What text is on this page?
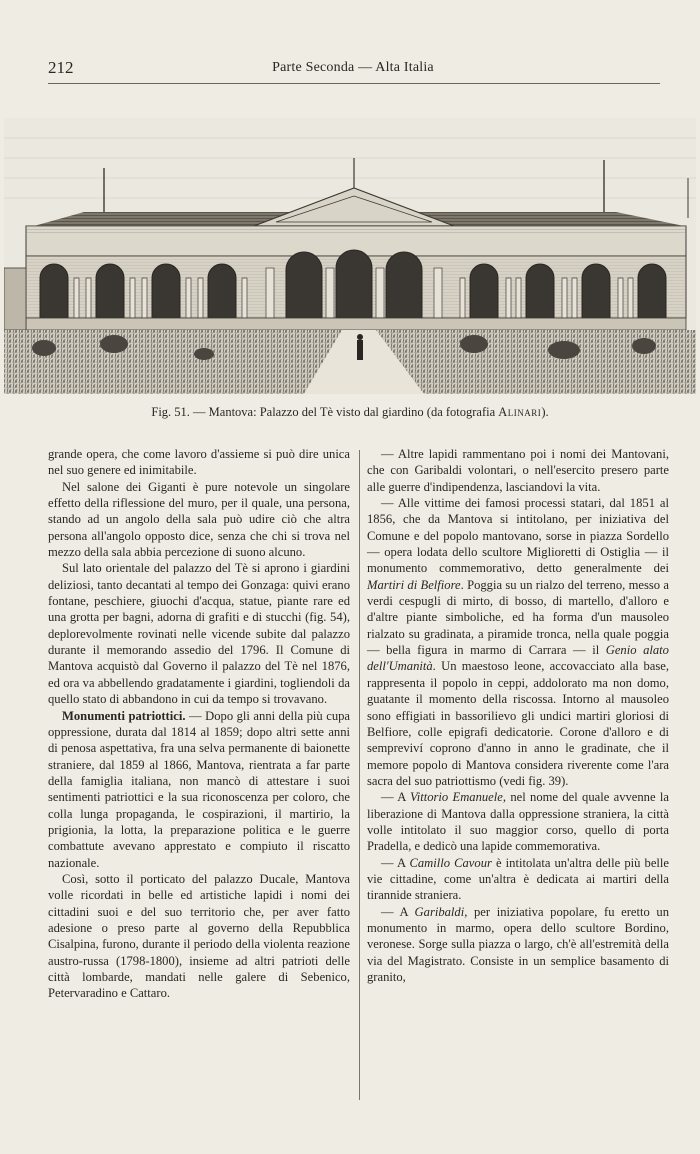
212	Parte Seconda — Alta Italia
Fig. 51. — Mantova: Palazzo del Tè visto dal giardino (da fotografia Alinari).

grande opera, che come lavoro d'assieme si può dire unica nel suo genere ed inimitabile.

Nel salone dei Giganti è pure notevole un singolare effetto della riflessione del muro, per il quale, una persona, stando ad un angolo della sala può udire ciò che altra persona all'angolo opposto dice, senza che chi si trova nel mezzo della sala abbia percezione di suono alcuno.

Sul lato orientale del palazzo del Tè si aprono i giardini deliziosi, tanto decantati al tempo dei Gonzaga: quivi erano fontane, peschiere, giuochi d'acqua, statue, piante rare ed una grotta per bagni, adorna di grafiti e di stucchi (fig. 54), deplorevolmente rovinati nelle vicende subite dal palazzo durante il memorando assedio del 1796. Il Comune di Mantova acquistò dal Governo il palazzo del Tè nel 1876, ed ora va abbellendo gradatamente i giardini, togliendoli da quello stato di abbandono in cui da tempo si trovavano.

Monumenti patriottici. — Dopo gli anni della più cupa oppressione, durata dal 1814 al 1859; dopo altri sette anni di penosa aspettativa, fra una selva permanente di baionette straniere, dal 1859 al 1866, Mantova, rientrata a far parte della famiglia italiana, non mancò di attestare i suoi sentimenti patriottici e la sua riconoscenza per coloro, che colla lunga propaganda, le cospirazioni, il martirio, la prigionia, la lotta, la preparazione politica e le guerre combattute avevano apprestato e compiuto il riscatto nazionale.

Così, sotto il porticato del palazzo Ducale, Mantova volle ricordati in belle ed artistiche lapidi i nomi dei cittadini suoi e del suo territorio che, per aver fatto adesione o preso parte al governo della Repubblica Cisalpina, furono, durante il periodo della violenta reazione austro-russa (1798-1800), insieme ad altri patrioti delle città lombarde, mandati nelle galere di Sebenico, Petervaradino e Cattaro.

— Altre lapidi rammentano poi i nomi dei Mantovani, che con Garibaldi volontari, o nell'esercito presero parte alle guerre d'indipendenza, lasciandovi la vita.

— Alle vittime dei famosi processi statari, dal 1851 al 1856, che da Mantova si intitolano, per iniziativa del Comune e del popolo mantovano, sorse in piazza Sordello — opera lodata dello scultore Miglioretti di Ostiglia — il monumento commemorativo, detto generalmente dei Martiri di Belfiore. Poggia su un rialzo del terreno, messo a verdi cespugli di mirto, di bosso, di martello, d'alloro e d'altre piante simboliche, ed ha forma d'un mausoleo rialzato su gradinata, a piramide tronca, nella quale poggia — bella figura in marmo di Carrara — il Genio alato dell'Umanità. Un maestoso leone, accovacciato alla base, rappresenta il popolo in ceppi, addolorato ma non domo, guatante il momento della riscossa. Intorno al mausoleo sono effigiati in bassorilievo gli undici martiri gloriosi di Belfiore, colle epigrafi dedicatorie. Corone d'alloro e di sempreviví coprono d'anno in anno le gradinate, che il memore popolo di Mantova considera riverente come l'ara sacra del suo patriottismo (vedi fig. 39).

— A Vittorio Emanuele, nel nome del quale avvenne la liberazione di Mantova dalla oppressione straniera, la città volle intitolato il suo maggior corso, quello di porta Pradella, e dedicò una lapide commemorativa.

— A Camillo Cavour è intitolata un'altra delle più belle vie cittadine, come un'altra è dedicata ai martiri della tirannide straniera.

— A Garibaldi, per iniziativa popolare, fu eretto un monumento in marmo, opera dello scultore Bordino, veronese. Sorge sulla piazza o largo, ch'è all'estremità della via del Magistrato. Consiste in un semplice basamento di granito,
